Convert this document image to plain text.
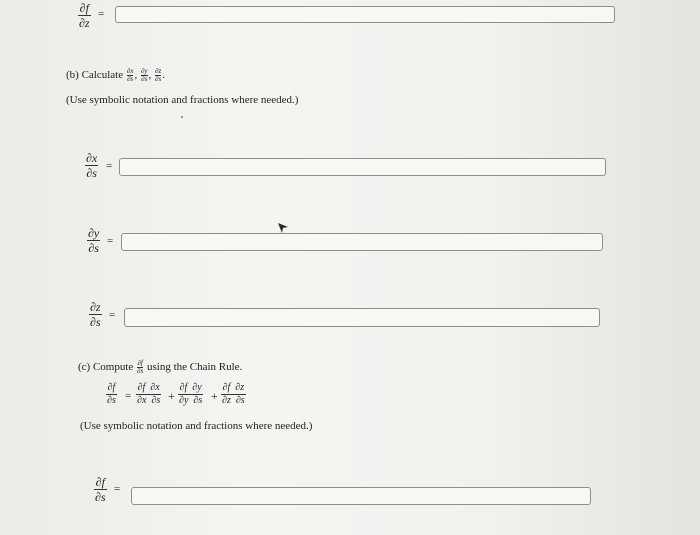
∂f
∂z
=
(b) Calculate $\frac{\partial x}{\partial s}$ , $\frac{\partial y}{\partial s}$ , $\frac{\partial z}{\partial s}$ .
(Use symbolic notation and fractions where needed.)
∂x
∂s =
∂y
∂s =
∂z
∂s =
(c) Compute $\frac{\partial f}{\partial s}$ using the Chain Rule.
∂f
∂s =
∂f  ∂x
∂x  ∂s +
∂f  ∂y
∂y  ∂s +
∂f  ∂z
∂z  ∂s
(Use symbolic notation and fractions where needed.)
∂f
∂s
=
